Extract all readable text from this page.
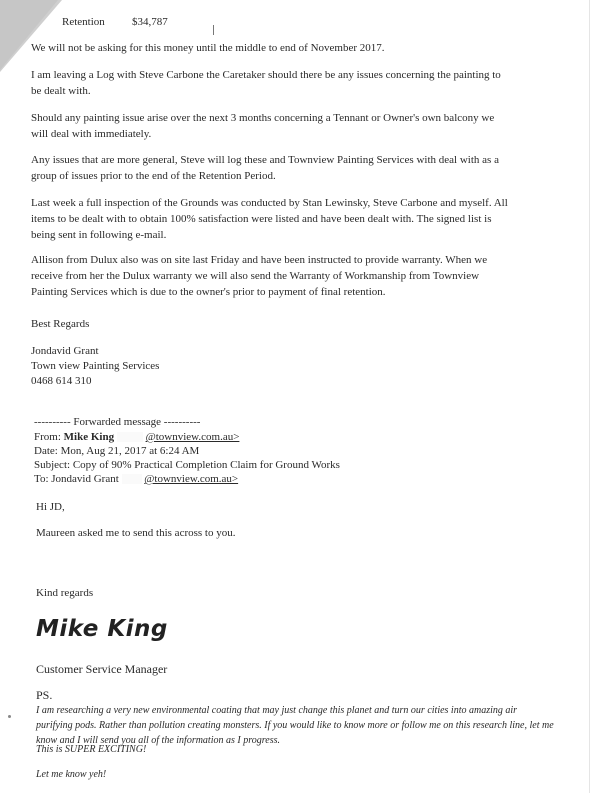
Retention $34,787

We will not be asking for this money until the middle to end of November 2017.

I am leaving a Log with Steve Carbone the Caretaker should there be any issues concerning the painting to
be dealt with.

Should any painting issue arise over the next 3 months concerning a Tennant or Owner's own balcony we
will deal with immediately.

Any issues that are more general, Steve will log these and Townview Painting Services with deal with as a
group of issues prior to the end of the Retention Period.

Last week a full inspection of the Grounds was conducted by Stan Lewinsky, Steve Carbone and myself. All
items to be dealt with to obtain 100% satisfaction were listed and have been dealt with. The signed list is
being sent in following e-mail.

Allison from Dulux also was on site last Friday and have been instructed to provide warranty. When we
receive from her the Dulux warranty we will also send the Warranty of Workmanship from Townview
Painting Services which is due to the owner's prior to payment of final retention.

Best Regards

Jondavid Grant

Town view Painting Services

0468 614 310

---------- Forwarded message ----------

From: Mike King	@townview.com.au>

Date: Mon, Aug 21, 2017 at 6:24 AM

Subject: Copy of 90% Practical Completion Claim for Ground Works

To: Jondavid Grant @townview.com.au>

Hi JD,

Maureen asked me to send this across to you.

Kind regards

Mike King

Customer Service Manager

PS.
I am researching a very new environmental coating that may just change this planet and turn our cities into amazing air
purifying pods. Rather than pollution creating monsters. If you would like to know more or follow me on this research line, let me
know and I will send you all of the information as I progress.

This is SUPER EXCITING!

Let me know yeh!
